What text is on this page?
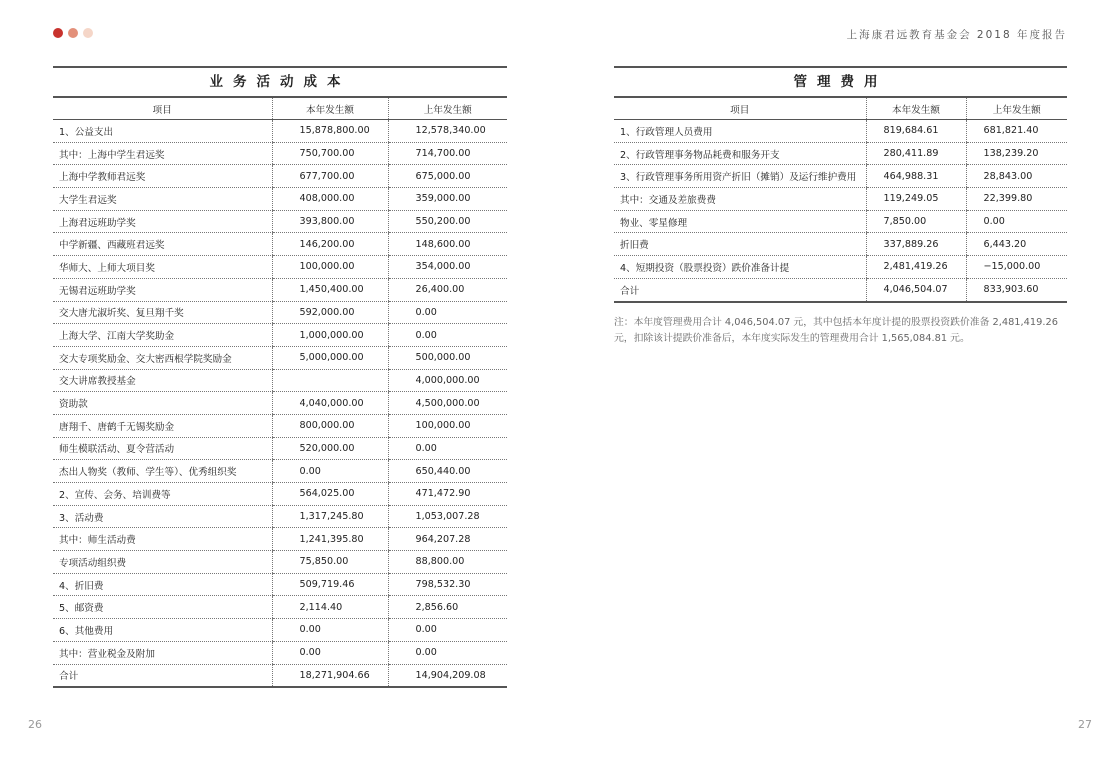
上海康君远教育基金会 2018 年度报告
业务活动成本
项目	本年发生额	上年发生额
1、公益支出	15,878,800.00	12,578,340.00
其中：上海中学生君远奖	750,700.00	714,700.00
上海中学教师君远奖	677,700.00	675,000.00
大学生君远奖	408,000.00	359,000.00
上海君远班助学奖	393,800.00	550,200.00
中学新疆、西藏班君远奖	146,200.00	148,600.00
华师大、上师大项目奖	100,000.00	354,000.00
无锡君远班助学奖	1,450,400.00	26,400.00
交大唐尤淑圻奖、复旦翔千奖	592,000.00	0.00
上海大学、江南大学奖助金	1,000,000.00	0.00
交大专项奖励金、交大密西根学院奖励金	5,000,000.00	500,000.00
交大讲席教授基金		4,000,000.00
资助款	4,040,000.00	4,500,000.00
唐翔千、唐鹤千无锡奖励金	800,000.00	100,000.00
师生模联活动、夏令营活动	520,000.00	0.00
杰出人物奖（教师、学生等）、优秀组织奖	0.00	650,440.00
2、宣传、会务、培训费等	564,025.00	471,472.90
3、活动费	1,317,245.80	1,053,007.28
其中：师生活动费	1,241,395.80	964,207.28
专项活动组织费	75,850.00	88,800.00
4、折旧费	509,719.46	798,532.30
5、邮资费	2,114.40	2,856.60
6、其他费用	0.00	0.00
其中：营业税金及附加	0.00	0.00
合计	18,271,904.66	14,904,209.08
管理费用
项目	本年发生额	上年发生额
1、行政管理人员费用	819,684.61	681,821.40
2、行政管理事务物品耗费和服务开支	280,411.89	138,239.20
3、行政管理事务所用资产折旧（摊销）及运行维护费用	464,988.31	28,843.00
其中：交通及差旅费费	119,249.05	22,399.80
物业、零星修理	7,850.00	0.00
折旧费	337,889.26	6,443.20
4、短期投资（股票投资）跌价准备计提	2,481,419.26	−15,000.00
合计	4,046,504.07	833,903.60
注：本年度管理费用合计 4,046,504.07 元，其中包括本年度计提的股票投资跌价准备 2,481,419.26 元，扣除该计提跌价准备后，本年度实际发生的管理费用合计 1,565,084.81 元。
26	27
